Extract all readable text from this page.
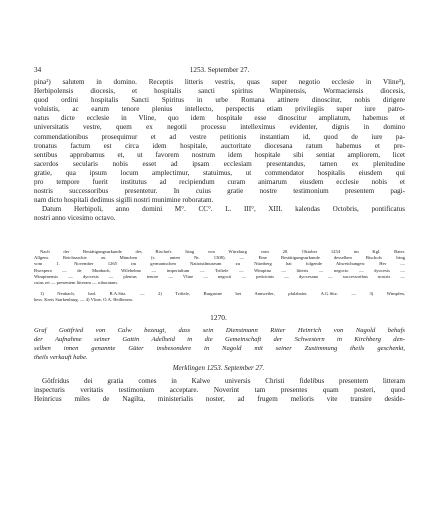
34	1253. September 27.
pina²) salutem in domino. Receptis litteris vestris, quas super negotio ecclesie in Vline³),
Herbipolensis diocesis, et hospitalis sancti spiritus Winpinensis, Wormaciensis diocesis,
quod ordini hospitalis Sancti Spiritus in urbe Romana attinere dinoscitur, nobis dirigere
voluistis, ac earum tenore plenius intellecto, perspectis etiam privilegiis super iure patro-
natus dicte ecclesie in Vline, quo idem hospitale esse dinoscitur ampliatum, habemus et
universitatis vestre, quem ex negotii processu intelleximus evidenter, dignis in domino
commendationibus prosequimur et ad vestre petitionis instantiam id, quod de iure pa-
tronatus factum est circa idem hospitale, auctoritate diocesana ratum habemus et pre-
sentibus approbamus et, ut favorem nostrum idem hospitale sibi sentiat ampliorem, licet
sacerdos secularis nobis esset ad ipsam ecclesiam presentandus, tamen ex plenitudine
gratie, qua ipsum locum amplectimur, statuimus, ut commendator hospitalis eiusdem qui
pro tempore fuerit institutus ad recipiendum curam animarum eiusdem ecclesie nobis et
nostris successoribus presentetur. In cuius gratie nostre testimonium presentem pagi-
nam dicto hospitali dedimus sigilli nostri munimine roboratam.
Datum Herbipoli, anno domini M°. CC°. L. III°, XIII. kalendas Octobris, pontificatus
nostri anno vicesimo octavo.
Nach der Bestätigungsurkunde des Bischofs Iring von Würzburg vom 20. Oktober 1254 im Kgl. Baier.
Allgem. Reichsarchiv zu München (s. unten Nr. 1308). — Eine Bestätigungsurkunde desselben Bischofs Iring
vom 1. November 1265 im germanischen Nationalmuseum zu Nürnberg hat folgende Abweichungen: Her —
Bwrspera — de Munbach, Wilehelmo — imperialium — Triftele — Wimpina — litteris — negocio — dyocesis —
Wimpinensis — dyocesis — plenius tenore — Vline — negocii — peticionis — dyocesana — successoribus nostris —
cuius rei — presentem litteram — roboratam.
1) Neubach, bad. B.A.Sitz. — 2) Triftele, Burgruine bei Annweiler, pfalzbaier. A.G.Sitz. — 3) Wimpfen,
hess. Kreis Starkenburg. — 4) Vline, O.A. Heilbronn.
1270.
Graf Gottfried von Calw bezeugt, dass sein Dienstmann Ritter Heinrich von Nagold behufs
der Aufnahme seiner Gattin Adelheid in die Gemeinschaft der Schwestern in Kirchberg den-
selben innen genannte Güter insbesondere in Nagold mit seiner Zustimmung theils geschenkt,
theils verkauft habe.
Merklingen 1253. September 27.
Götfridus dei gratia comes in Kalwe universis Christi fidelibus presentem litteram
inspecturis veritatis testimonium acceptare. Noverint tam presentes quam posteri, quod
Heinricus miles de Nagilta, ministerialis noster, ad frugem melioris vite transire deside-
